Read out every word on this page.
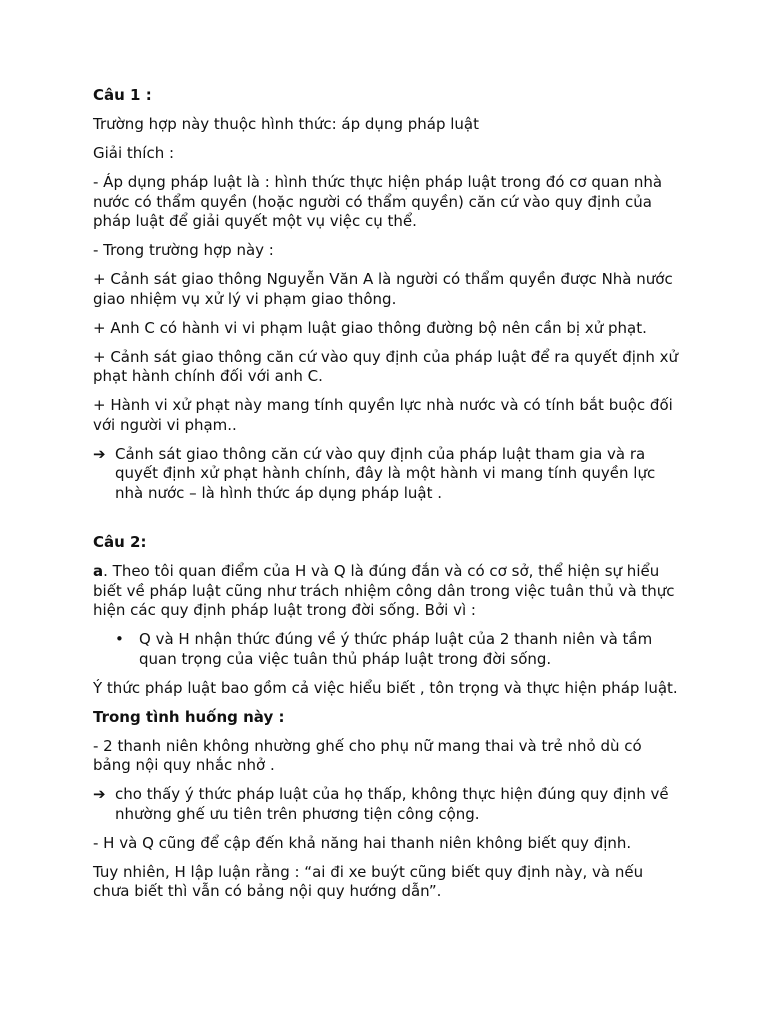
Câu 1 :

Trường hợp này thuộc hình thức: áp dụng pháp luật

Giải thích :

- Áp dụng pháp luật là : hình thức thực hiện pháp luật trong đó cơ quan nhà nước có thẩm quyền (hoặc người có thẩm quyền) căn cứ vào quy định của pháp luật để giải quyết một vụ việc cụ thể.

- Trong trường hợp này :

+ Cảnh sát giao thông Nguyễn Văn A là người có thẩm quyền được Nhà nước giao nhiệm vụ xử lý vi phạm giao thông.

+ Anh C có hành vi vi phạm luật giao thông đường bộ nên cần bị xử phạt.

+ Cảnh sát giao thông căn cứ vào quy định của pháp luật để ra quyết định xử phạt hành chính đối với anh C.

+ Hành vi xử phạt này mang tính quyền lực nhà nước và có tính bắt buộc đối với người vi phạm..

➔ Cảnh sát giao thông căn cứ vào quy định của pháp luật tham gia và ra quyết định xử phạt hành chính, đây là một hành vi mang tính quyền lực nhà nước – là hình thức áp dụng pháp luật .

Câu 2:

a. Theo tôi quan điểm của H và Q là đúng đắn và có cơ sở, thể hiện sự hiểu biết về pháp luật cũng như trách nhiệm công dân trong việc tuân thủ và thực hiện các quy định pháp luật trong đời sống. Bởi vì :

• Q và H nhận thức đúng về ý thức pháp luật của 2 thanh niên và tầm quan trọng của việc tuân thủ pháp luật trong đời sống.

Ý thức pháp luật bao gồm cả việc hiểu biết , tôn trọng và thực hiện pháp luật.

Trong tình huống này :

- 2 thanh niên không nhường ghế cho phụ nữ mang thai và trẻ nhỏ dù có bảng nội quy nhắc nhở .

➔ cho thấy ý thức pháp luật của họ thấp, không thực hiện đúng quy định về nhường ghế ưu tiên trên phương tiện công cộng.

- H và Q cũng để cập đến khả năng hai thanh niên không biết quy định.

Tuy nhiên, H lập luận rằng : “ai đi xe buýt cũng biết quy định này, và nếu chưa biết thì vẫn có bảng nội quy hướng dẫn”.
